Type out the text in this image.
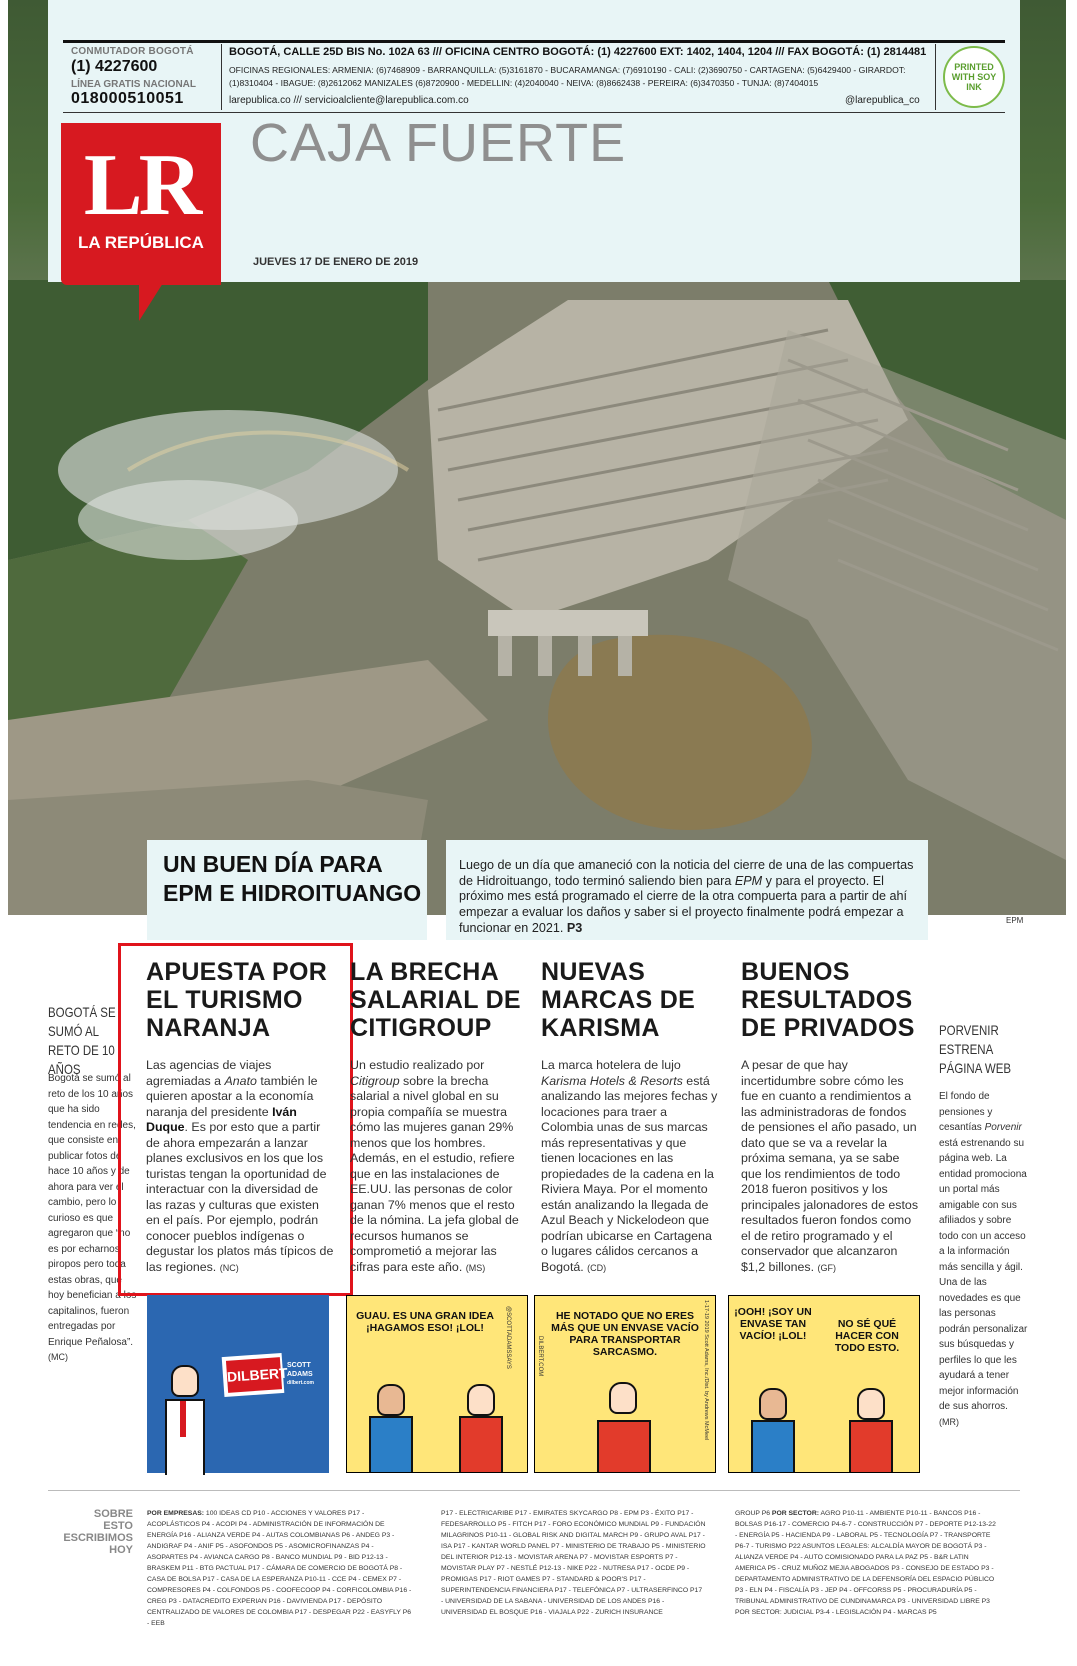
CONMUTADOR BOGOTÁ
(1) 4227600
LÍNEA GRATIS NACIONAL
018000510051
BOGOTÁ, CALLE 25D BIS No. 102A 63 /// OFICINA CENTRO BOGOTÁ: (1) 4227600 EXT: 1402, 1404, 1204 /// FAX BOGOTÁ: (1) 2814481
OFICINAS REGIONALES: ARMENIA: (6)7468909 - BARRANQUILLA: (5)3161870 - BUCARAMANGA: (7)6910190 - CALI: (2)3690750 - CARTAGENA: (5)6429400 - GIRARDOT: (1)8310404 - IBAGUE: (8)2612062 MANIZALES (6)8720900 - MEDELLIN: (4)2040040 - NEIVA: (8)8662438 - PEREIRA: (6)3470350 - TUNJA: (8)7404015
larepublica.co /// servicioalcliente@larepublica.com.co	@larepublica_co
PRINTED WITH SOY INK
LR
LA REPÚBLICA
CAJA FUERTE
JUEVES 17 DE ENERO DE 2019
UN BUEN DÍA PARA EPM E HIDROITUANGO
Luego de un día que amaneció con la noticia del cierre de una de las compuertas de Hidroituango, todo terminó saliendo bien para EPM y para el proyecto. El próximo mes está programado el cierre de la otra compuerta para a partir de ahí empezar a evaluar los daños y saber si el proyecto finalmente podrá empezar a funcionar en 2021. P3
EPM
BOGOTÁ SE SUMÓ AL RETO DE 10 AÑOS
Bogotá se sumó al reto de los 10 años que ha sido tendencia en redes, que consiste en publicar fotos de hace 10 años y de ahora para ver el cambio, pero lo curioso es que agregaron que “no es por echarnos piropos pero toda estas obras, que hoy benefician a los capitalinos, fueron entregadas por Enrique Peñalosa”. (MC)
PORVENIR ESTRENA PÁGINA WEB
El fondo de pensiones y cesantías Porvenir está estrenando su página web. La entidad promociona un portal más amigable con sus afiliados y sobre todo con un acceso a la información más sencilla y ágil. Una de las novedades es que las personas podrán personalizar sus búsquedas y perfiles lo que les ayudará a tener mejor información de sus ahorros. (MR)
APUESTA POR EL TURISMO NARANJA
Las agencias de viajes agremiadas a Anato también le quieren apostar a la economía naranja del presidente Iván Duque. Es por esto que a partir de ahora empezarán a lanzar planes exclusivos en los que los turistas tengan la oportunidad de interactuar con la diversidad de las razas y culturas que existen en el país. Por ejemplo, podrán conocer pueblos indígenas o degustar los platos más típicos de las regiones. (NC)
LA BRECHA SALARIAL DE CITIGROUP
Un estudio realizado por Citigroup sobre la brecha salarial a nivel global en su propia compañía se muestra cómo las mujeres ganan 29% menos que los hombres. Además, en el estudio, refiere que en las instalaciones de EE.UU. las personas de color ganan 7% menos que el resto de la nómina. La jefa global de recursos humanos se comprometió a mejorar las cifras para este año. (MS)
NUEVAS MARCAS DE KARISMA
La marca hotelera de lujo Karisma Hotels & Resorts está analizando las mejores fechas y locaciones para traer a Colombia unas de sus marcas más representativas y que tienen locaciones en las propiedades de la cadena en la Riviera Maya. Por el momento están analizando la llegada de Azul Beach y Nickelodeon que podrían ubicarse en Cartagena o lugares cálidos cercanos a Bogotá. (CD)
BUENOS RESULTADOS DE PRIVADOS
A pesar de que hay incertidumbre sobre cómo les fue en cuanto a rendimientos a las administradoras de fondos de pensiones el año pasado, un dato que se va a revelar la próxima semana, ya se sabe que los rendimientos de todo 2018 fueron positivos y los principales jalonadores de estos resultados fueron fondos como el de retiro programado y el conservador que alcanzaron $1,2 billones. (GF)
DILBERT
SCOTT
ADAMS
dilbert.com
GUAU. ES UNA GRAN IDEA ¡HAGAMOS ESO! ¡LOL!	@SCOTTADAMSSAYS	HE NOTADO QUE NO ERES MÁS QUE UN ENVASE VACÍO PARA TRANSPORTAR SARCASMO.
DILBERT.COM	1-17-19 2019 Scott Adams, Inc./Dist. by Andrews McMeel ¡OOH! ¡SOY UN ENVASE TAN VACÍO! ¡LOL!
NO SÉ QUÉ HACER CON TODO ESTO.
SOBRE ESTO ESCRIBIMOS HOY
POR EMPRESAS: 100 IDEAS CD P10 - ACCIONES Y VALORES P17 - ACOPLÁSTICOS P4 - ACOPI P4 - ADMINISTRACIÓN DE INFORMACIÓN DE ENERGÍA P16 - ALIANZA VERDE P4 - AUTAS COLOMBIANAS P6 - ANDEG P3 - ANDIGRAF P4 - ANIF P5 - ASOFONDOS P5 - ASOMICROFINANZAS P4 - ASOPARTES P4 - AVIANCA CARGO P8 - BANCO MUNDIAL P9 - BID P12-13 - BRASKEM P11 - BTG PACTUAL P17 - CÁMARA DE COMERCIO DE BOGOTÁ P8 - CASA DE BOLSA P17 - CASA DE LA ESPERANZA P10-11 - CCE P4 - CEMEX P7 - COMPRESORES P4 - COLFONDOS P5 - COOFECOOP P4 - CORFICOLOMBIA P16 - CREG P3 - DATACREDITO EXPERIAN P16 - DAVIVIENDA P17 - DEPÓSITO CENTRALIZADO DE VALORES DE COLOMBIA P17 - DESPEGAR P22 - EASYFLY P6 - EEB
P17 - ELECTRICARIBE P17 - EMIRATES SKYCARGO P8 - EPM P3 - ÉXITO P17 - FEDESARROLLO P5 - FITCH P17 - FORO ECONÓMICO MUNDIAL P9 - FUNDACIÓN MILAGRINOS P10-11 - GLOBAL RISK AND DIGITAL MARCH P9 - GRUPO AVAL P17 - ISA P17 - KANTAR WORLD PANEL P7 - MINISTERIO DE TRABAJO P5 - MINISTERIO DEL INTERIOR P12-13 - MOVISTAR ARENA P7 - MOVISTAR ESPORTS P7 - MOVISTAR PLAY P7 - NESTLÉ P12-13 - NIKE P22 - NUTRESA P17 - OCDE P9 - PROMIGAS P17 - RIOT GAMES P7 - STANDARD & POOR'S P17 - SUPERINTENDENCIA FINANCIERA P17 - TELEFÓNICA P7 - ULTRASERFINCO P17 - UNIVERSIDAD DE LA SABANA - UNIVERSIDAD DE LOS ANDES P16 - UNIVERSIDAD EL BOSQUE P16 - VIAJALA P22 - ZURICH INSURANCE
GROUP P6 POR SECTOR: AGRO P10-11 - AMBIENTE P10-11 - BANCOS P16 - BOLSAS P16-17 - COMERCIO P4-6-7 - CONSTRUCCIÓN P7 - DEPORTE P12-13-22 - ENERGÍA P5 - HACIENDA P9 - LABORAL P5 - TECNOLOGÍA P7 - TRANSPORTE P6-7 - TURISMO P22 ASUNTOS LEGALES: ALCALDÍA MAYOR DE BOGOTÁ P3 - ALIANZA VERDE P4 - AUTO COMISIONADO PARA LA PAZ P5 - B&R LATIN AMERICA P5 - CRUZ MUÑOZ MEJIA ABOGADOS P3 - CONSEJO DE ESTADO P3 - DEPARTAMENTO ADMINISTRATIVO DE LA DEFENSORÍA DEL ESPACIO PÚBLICO P3 - ELN P4 - FISCALÍA P3 - JEP P4 - OFFCORSS P5 - PROCURADURÍA P5 - TRIBUNAL ADMINISTRATIVO DE CUNDINAMARCA P3 - UNIVERSIDAD LIBRE P3 POR SECTOR: JUDICIAL P3-4 - LEGISLACIÓN P4 - MARCAS P5
